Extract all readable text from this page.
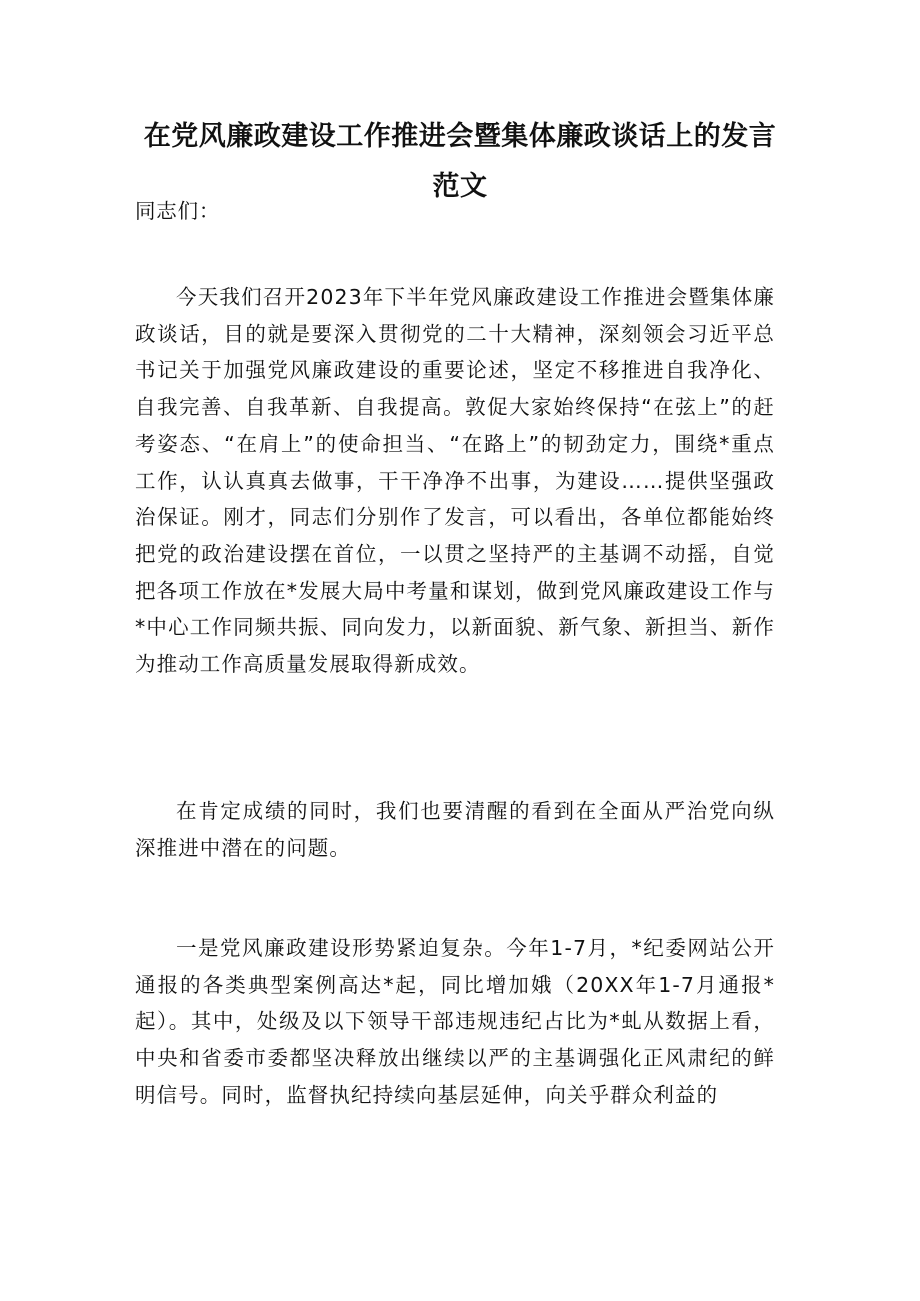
在党风廉政建设工作推进会暨集体廉政谈话上的发言范文
同志们：

今天我们召开2023年下半年党风廉政建设工作推进会暨集体廉政谈话，目的就是要深入贯彻党的二十大精神，深刻领会习近平总书记关于加强党风廉政建设的重要论述，坚定不移推进自我净化、自我完善、自我革新、自我提高。敦促大家始终保持“在弦上”的赶考姿态、“在肩上”的使命担当、“在路上”的韧劲定力，围绕*重点工作，认认真真去做事，干干净净不出事，为建设……提供坚强政治保证。刚才，同志们分别作了发言，可以看出，各单位都能始终把党的政治建设摆在首位，一以贯之坚持严的主基调不动摇，自觉把各项工作放在*发展大局中考量和谋划，做到党风廉政建设工作与*中心工作同频共振、同向发力，以新面貌、新气象、新担当、新作为推动工作高质量发展取得新成效。

在肯定成绩的同时，我们也要清醒的看到在全面从严治党向纵深推进中潜在的问题。

一是党风廉政建设形势紧迫复杂。今年1-7月，*纪委网站公开通报的各类典型案例高达*起，同比增加娥（20XX年1-7月通报*起）。其中，处级及以下领导干部违规违纪占比为*虬从数据上看，中央和省委市委都坚决释放出继续以严的主基调强化正风肃纪的鲜明信号。同时，监督执纪持续向基层延伸，向关乎群众利益的
